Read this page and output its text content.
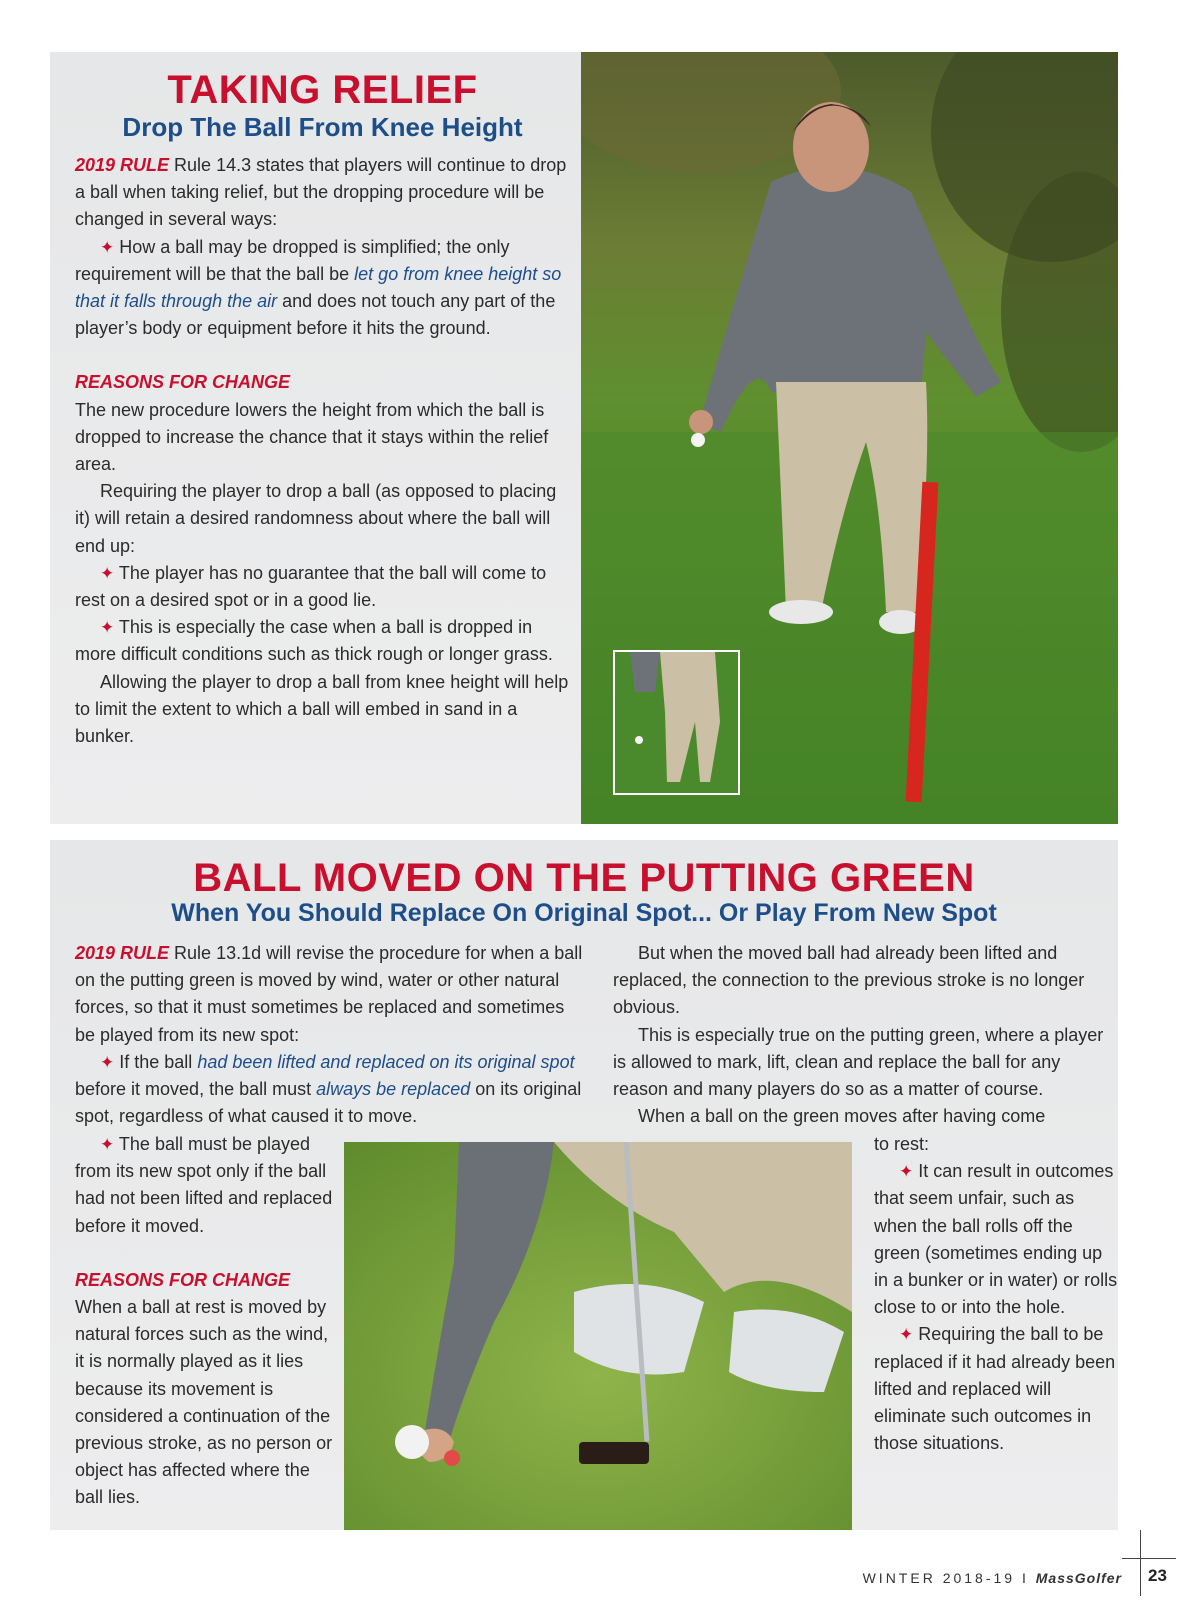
TAKING RELIEF
Drop The Ball From Knee Height

2019 RULE Rule 14.3 states that players will continue to drop a ball when taking relief, but the dropping procedure will be changed in several ways:

✦ How a ball may be dropped is simplified; the only requirement will be that the ball be let go from knee height so that it falls through the air and does not touch any part of the player’s body or equipment before it hits the ground.

REASONS FOR CHANGE

The new procedure lowers the height from which the ball is dropped to increase the chance that it stays within the relief area.

Requiring the player to drop a ball (as opposed to placing it) will retain a desired randomness about where the ball will end up:

✦ The player has no guarantee that the ball will come to rest on a desired spot or in a good lie.

✦ This is especially the case when a ball is dropped in more difficult conditions such as thick rough or longer grass.

Allowing the player to drop a ball from knee height will help to limit the extent to which a ball will embed in sand in a bunker.

BALL MOVED ON THE PUTTING GREEN
When You Should Replace On Original Spot... Or Play From New Spot

2019 RULE Rule 13.1d will revise the procedure for when a ball on the putting green is moved by wind, water or other natural forces, so that it must sometimes be replaced and sometimes be played from its new spot:

✦ If the ball had been lifted and replaced on its original spot before it moved, the ball must always be replaced on its original spot, regardless of what caused it to move.

✦ The ball must be played from its new spot only if the ball had not been lifted and replaced before it moved.

REASONS FOR CHANGE

When a ball at rest is moved by natural forces such as the wind, it is normally played as it lies because its movement is considered a continuation of the previous stroke, as no person or object has affected where the ball lies.

But when the moved ball had already been lifted and replaced, the connection to the previous stroke is no longer obvious.

This is especially true on the putting green, where a player is allowed to mark, lift, clean and replace the ball for any reason and many players do so as a matter of course.

When a ball on the green moves after having come

to rest:

✦ It can result in outcomes that seem unfair, such as when the ball rolls off the green (sometimes ending up in a bunker or in water) or rolls close to or into the hole.

✦ Requiring the ball to be replaced if it had already been lifted and replaced will eliminate such outcomes in those situations.

WINTER 2018-19 I MassGolfer 23
